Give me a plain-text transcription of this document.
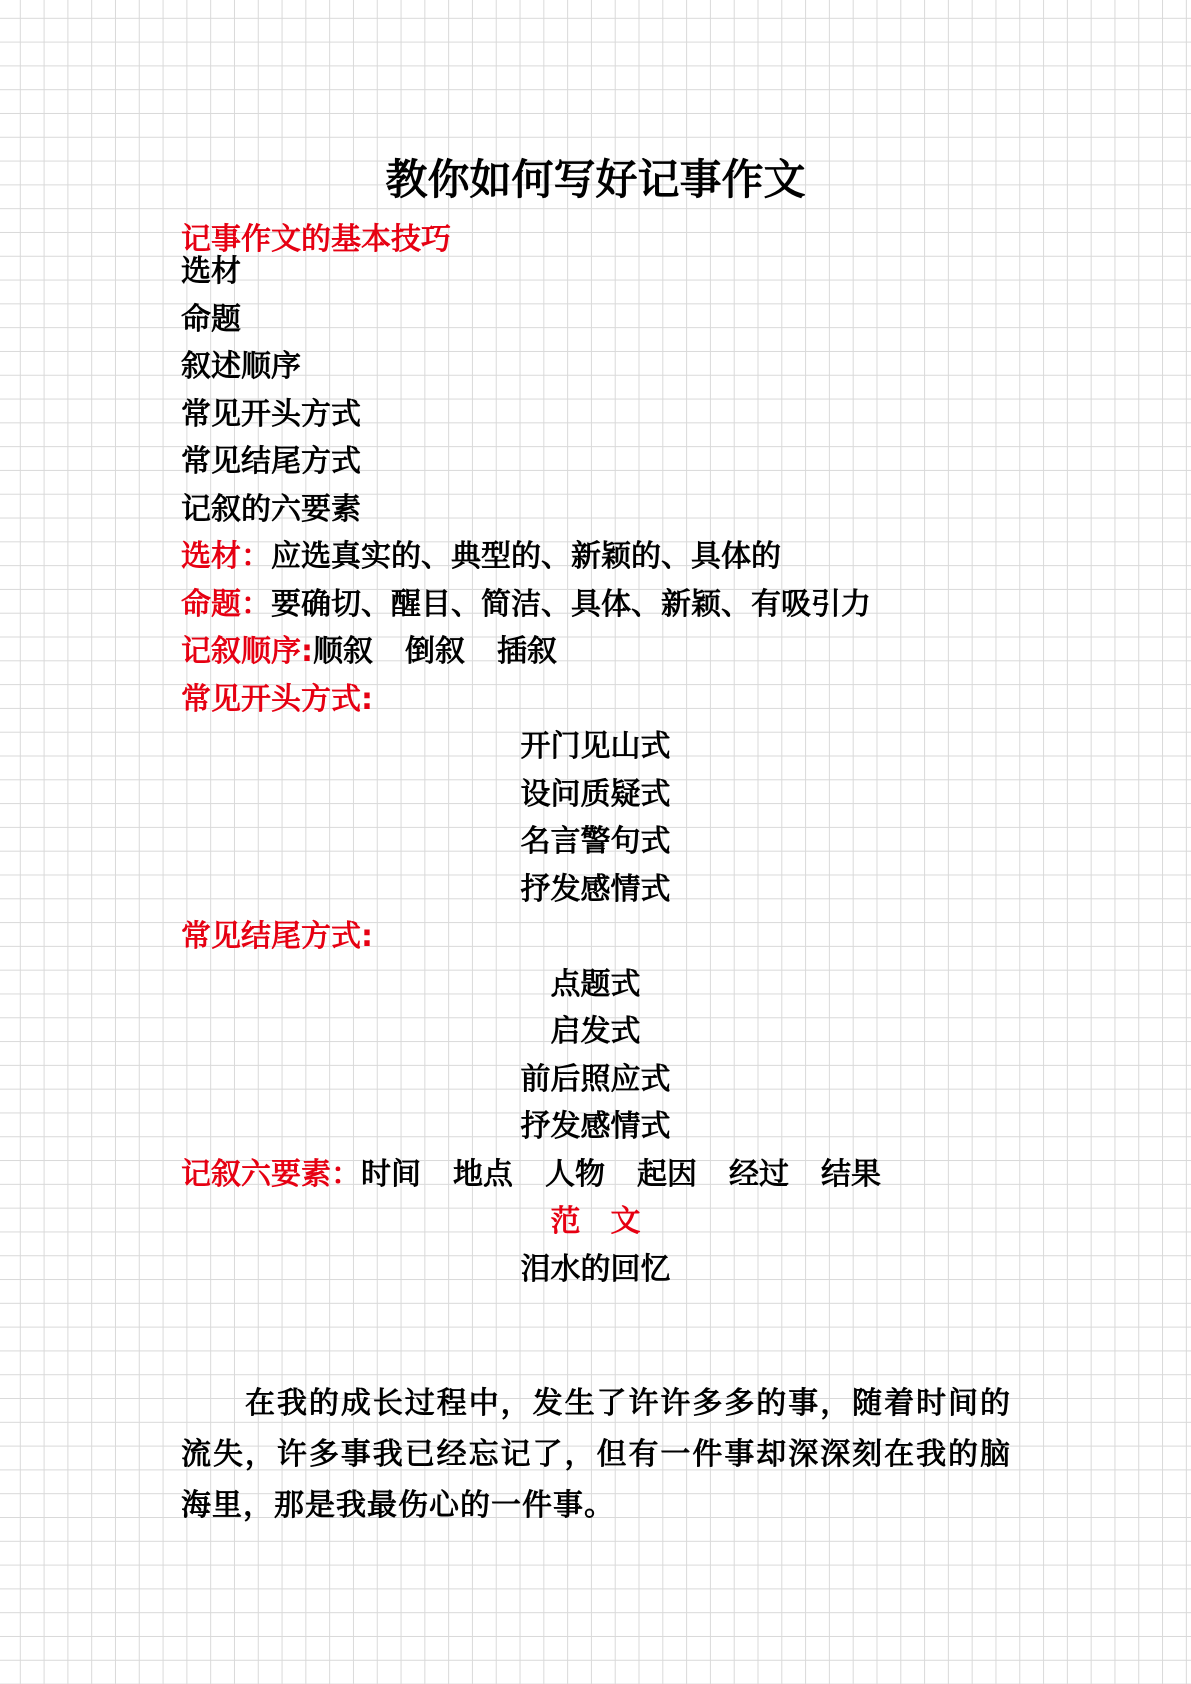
教你如何写好记事作文
记事作文的基本技巧
选材
命题
叙述顺序
常见开头方式
常见结尾方式
记叙的六要素
选材：应选真实的、典型的、新颖的、具体的
命题：要确切、醒目、简洁、具体、新颖、有吸引力
记叙顺序:顺叙 倒叙 插叙
常见开头方式:
开门见山式
设问质疑式
名言警句式
抒发感情式
常见结尾方式:
点题式
启发式
前后照应式
抒发感情式
记叙六要素：时间 地点 人物 起因 经过 结果
范　文
泪水的回忆
在我的成长过程中，发生了许许多多的事，随着时间的流失，许多事我已经忘记了，但有一件事却深深刻在我的脑海里，那是我最伤心的一件事。
